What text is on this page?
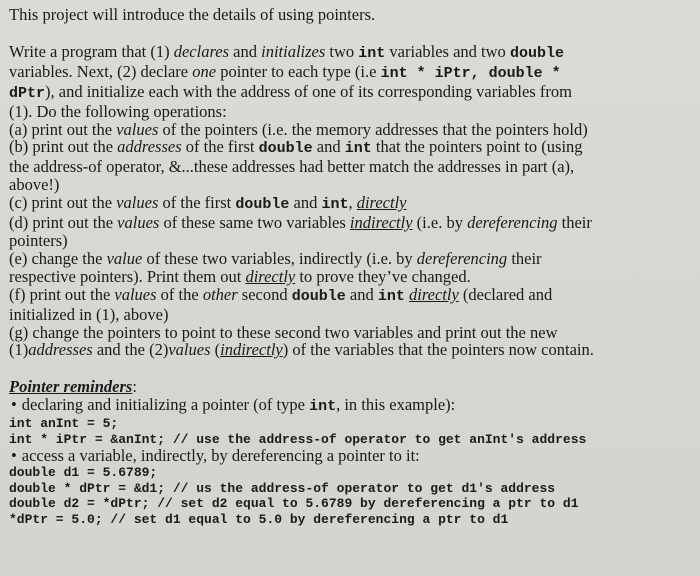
This project will introduce the details of using pointers.

Write a program that (1) declares and initializes two int variables and two double

variables. Next, (2) declare one pointer to each type (i.e int * iPtr, double *

dPtr), and initialize each with the address of one of its corresponding variables from

(1). Do the following operations:

(a) print out the values of the pointers (i.e. the memory addresses that the pointers hold)

(b) print out the addresses of the first double and int that the pointers point to (using

the address-of operator, &...these addresses had better match the addresses in part (a),

above!)

(c) print out the values of the first double and int, directly

(d) print out the values of these same two variables indirectly (i.e. by dereferencing their

pointers)

(e) change the value of these two variables, indirectly (i.e. by dereferencing their

respective pointers). Print them out directly to prove they’ve changed.

(f) print out the values of the other second double and int directly (declared and

initialized in (1), above)

(g) change the pointers to point to these second two variables and print out the new

(1)addresses and the (2)values (indirectly) of the variables that the pointers now contain.

Pointer reminders:

• declaring and initializing a pointer (of type int, in this example):

int anInt = 5;

int * iPtr = &anInt; // use the address-of operator to get anInt's address

• access a variable, indirectly, by dereferencing a pointer to it:

double d1 = 5.6789;

double * dPtr = &d1; // us the address-of operator to get d1's address

double d2 = *dPtr; // set d2 equal to 5.6789 by dereferencing a ptr to d1

*dPtr = 5.0; // set d1 equal to 5.0 by dereferencing a ptr to d1
